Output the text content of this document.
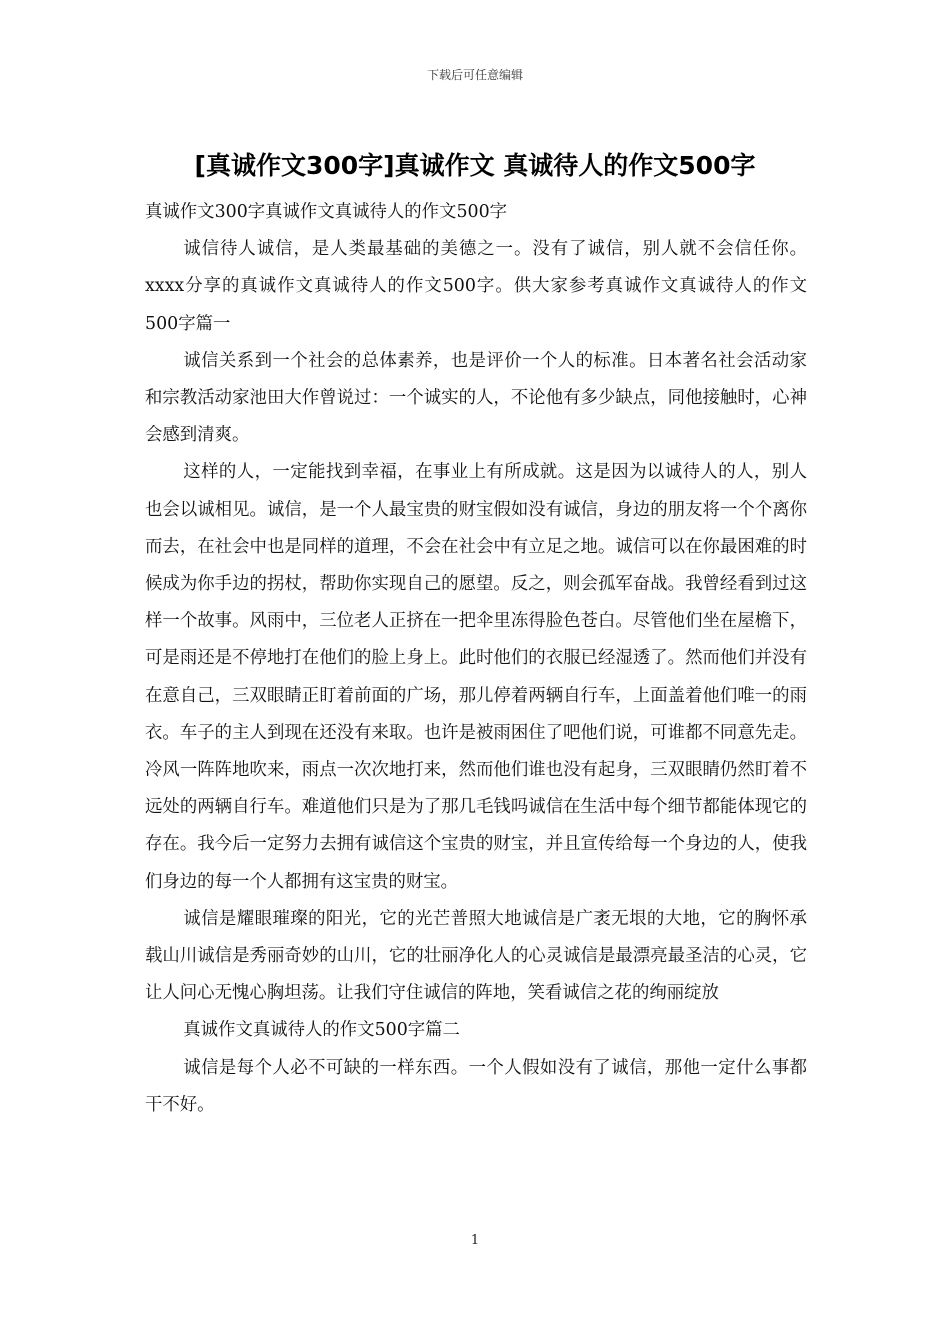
下载后可任意编辑
[真诚作文300字]真诚作文 真诚待人的作文500字

真诚作文300字真诚作文真诚待人的作文500字

诚信待人诚信，是人类最基础的美德之一。没有了诚信，别人就不会信任你。xxxx分享的真诚作文真诚待人的作文500字。供大家参考真诚作文真诚待人的作文500字篇一

诚信关系到一个社会的总体素养，也是评价一个人的标准。日本著名社会活动家和宗教活动家池田大作曾说过：一个诚实的人，不论他有多少缺点，同他接触时，心神会感到清爽。

这样的人，一定能找到幸福，在事业上有所成就。这是因为以诚待人的人，别人也会以诚相见。诚信，是一个人最宝贵的财宝假如没有诚信，身边的朋友将一个个离你而去，在社会中也是同样的道理，不会在社会中有立足之地。诚信可以在你最困难的时候成为你手边的拐杖，帮助你实现自己的愿望。反之，则会孤军奋战。我曾经看到过这样一个故事。风雨中，三位老人正挤在一把伞里冻得脸色苍白。尽管他们坐在屋檐下，可是雨还是不停地打在他们的脸上身上。此时他们的衣服已经湿透了。然而他们并没有在意自己，三双眼睛正盯着前面的广场，那儿停着两辆自行车，上面盖着他们唯一的雨衣。车子的主人到现在还没有来取。也许是被雨困住了吧他们说，可谁都不同意先走。冷风一阵阵地吹来，雨点一次次地打来，然而他们谁也没有起身，三双眼睛仍然盯着不远处的两辆自行车。难道他们只是为了那几毛钱吗诚信在生活中每个细节都能体现它的存在。我今后一定努力去拥有诚信这个宝贵的财宝，并且宣传给每一个身边的人，使我们身边的每一个人都拥有这宝贵的财宝。

诚信是耀眼璀璨的阳光，它的光芒普照大地诚信是广袤无垠的大地，它的胸怀承载山川诚信是秀丽奇妙的山川，它的壮丽净化人的心灵诚信是最漂亮最圣洁的心灵，它让人问心无愧心胸坦荡。让我们守住诚信的阵地，笑看诚信之花的绚丽绽放

真诚作文真诚待人的作文500字篇二

诚信是每个人必不可缺的一样东西。一个人假如没有了诚信，那他一定什么事都干不好。

1
